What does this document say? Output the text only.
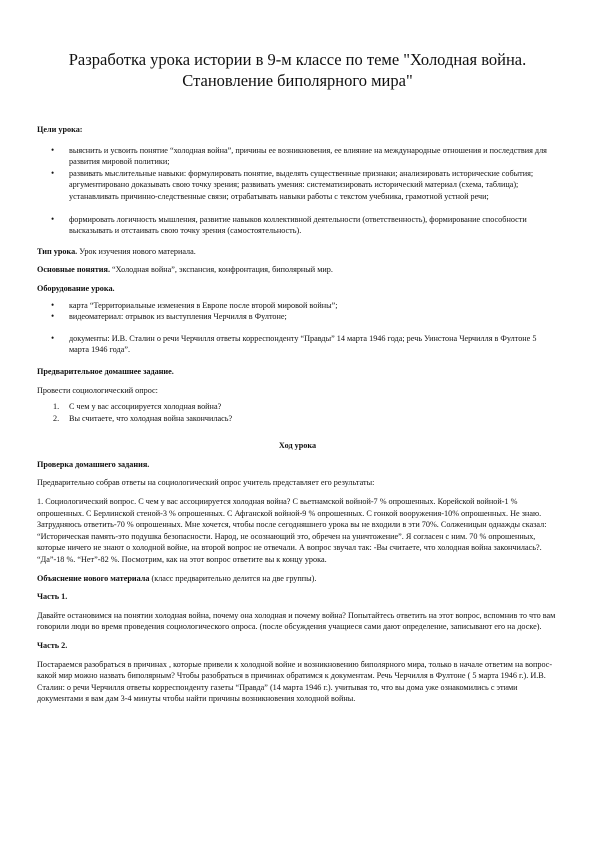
Разработка урока истории в 9-м классе по теме "Холодная война.
Становление биполярного мира"

Цели урока:

• выяснить и усвоить понятие “холодная война”, причины ее возникновения, ее влияние на международные отношения и последствия для развития мировой политики;
• развивать мыслительные навыки: формулировать понятие, выделять существенные признаки; анализировать исторические события; аргументировано доказывать свою точку зрения; развивать умения: систематизировать исторический материал (схема, таблица); устанавливать причинно-следственные связи; отрабатывать навыки работы с текстом учебника, грамотной устной речи;
• формировать логичность мышления, развитие навыков коллективной деятельности (ответственность), формирование способности высказывать и отстаивать свою точку зрения (самостоятельность).

Тип урока. Урок изучения нового материала.

Основные понятия. “Холодная война”, экспансия, конфронтация, биполярный мир.

Оборудование урока.

• карта “Территориальные изменения в Европе после второй мировой войны”;
• видеоматериал: отрывок из выступления Черчилля в Фултоне;
• документы: И.В. Сталин о речи Черчилля ответы корреспонденту “Правды” 14 марта 1946 года; речь Уинстона Черчилля в Фултоне 5 марта 1946 года”.

Предварительное домашнее задание.

Провести социологический опрос:

1. С чем у вас ассоциируется холодная война?
2. Вы считаете, что холодная война закончилась?

Ход урока

Проверка домашнего задания.

Предварительно собрав ответы на социологический опрос учитель представляет его результаты:

1. Социологический вопрос. С чем у вас ассоциируется холодная война? С вьетнамской войной-7 % опрошенных. Корейской войной-1 % опрошенных. С Берлинской стеной-3 % опрошенных. С Афганской войной-9 % опрошенных. С гонкой вооружения-10% опрошенных. Не знаю. Затрудняюсь ответить-70 % опрошенных. Мне хочется, чтобы после сегодняшнего урока вы не входили в эти 70%. Солженицын однажды сказал: “Историческая память-это подушка безопасности. Народ, не осознающий это, обречен на уничтожение”. Я согласен с ним. 70 % опрошенных, которые ничего не знают о холодной войне, на второй вопрос не отвечали. А вопрос звучал так: -Вы считаете, что холодная война закончилась?. “Да”-18 %. “Нет”-82 %. Посмотрим, как на этот вопрос ответите вы к концу урока.

Объяснение нового материала (класс предварительно делится на две группы).

Часть 1.

Давайте остановимся на понятии холодная война, почему она холодная и почему война? Попытайтесь ответить на этот вопрос, вспомнив то что вам говорили люди во время проведения социологического опроса. (после обсуждения учащиеся сами дают определение, записывают его на доске).

Часть 2.

Постараемся разобраться в причинах , которые привели к холодной войне и возникновению биполярного мира, только в начале ответим на вопрос-какой мир можно назвать биполярным? Чтобы разобраться в причинах обратимся к документам. Речь Черчилля в Фултоне ( 5 марта 1946 г.). И.В. Сталин: о речи Черчилля ответы корреспонденту газеты “Правда” (14 марта 1946 г.). учитывая то, что вы дома уже ознакомились с этими документами я вам дам 3-4 минуты чтобы найти причины возникновения холодной войны.
